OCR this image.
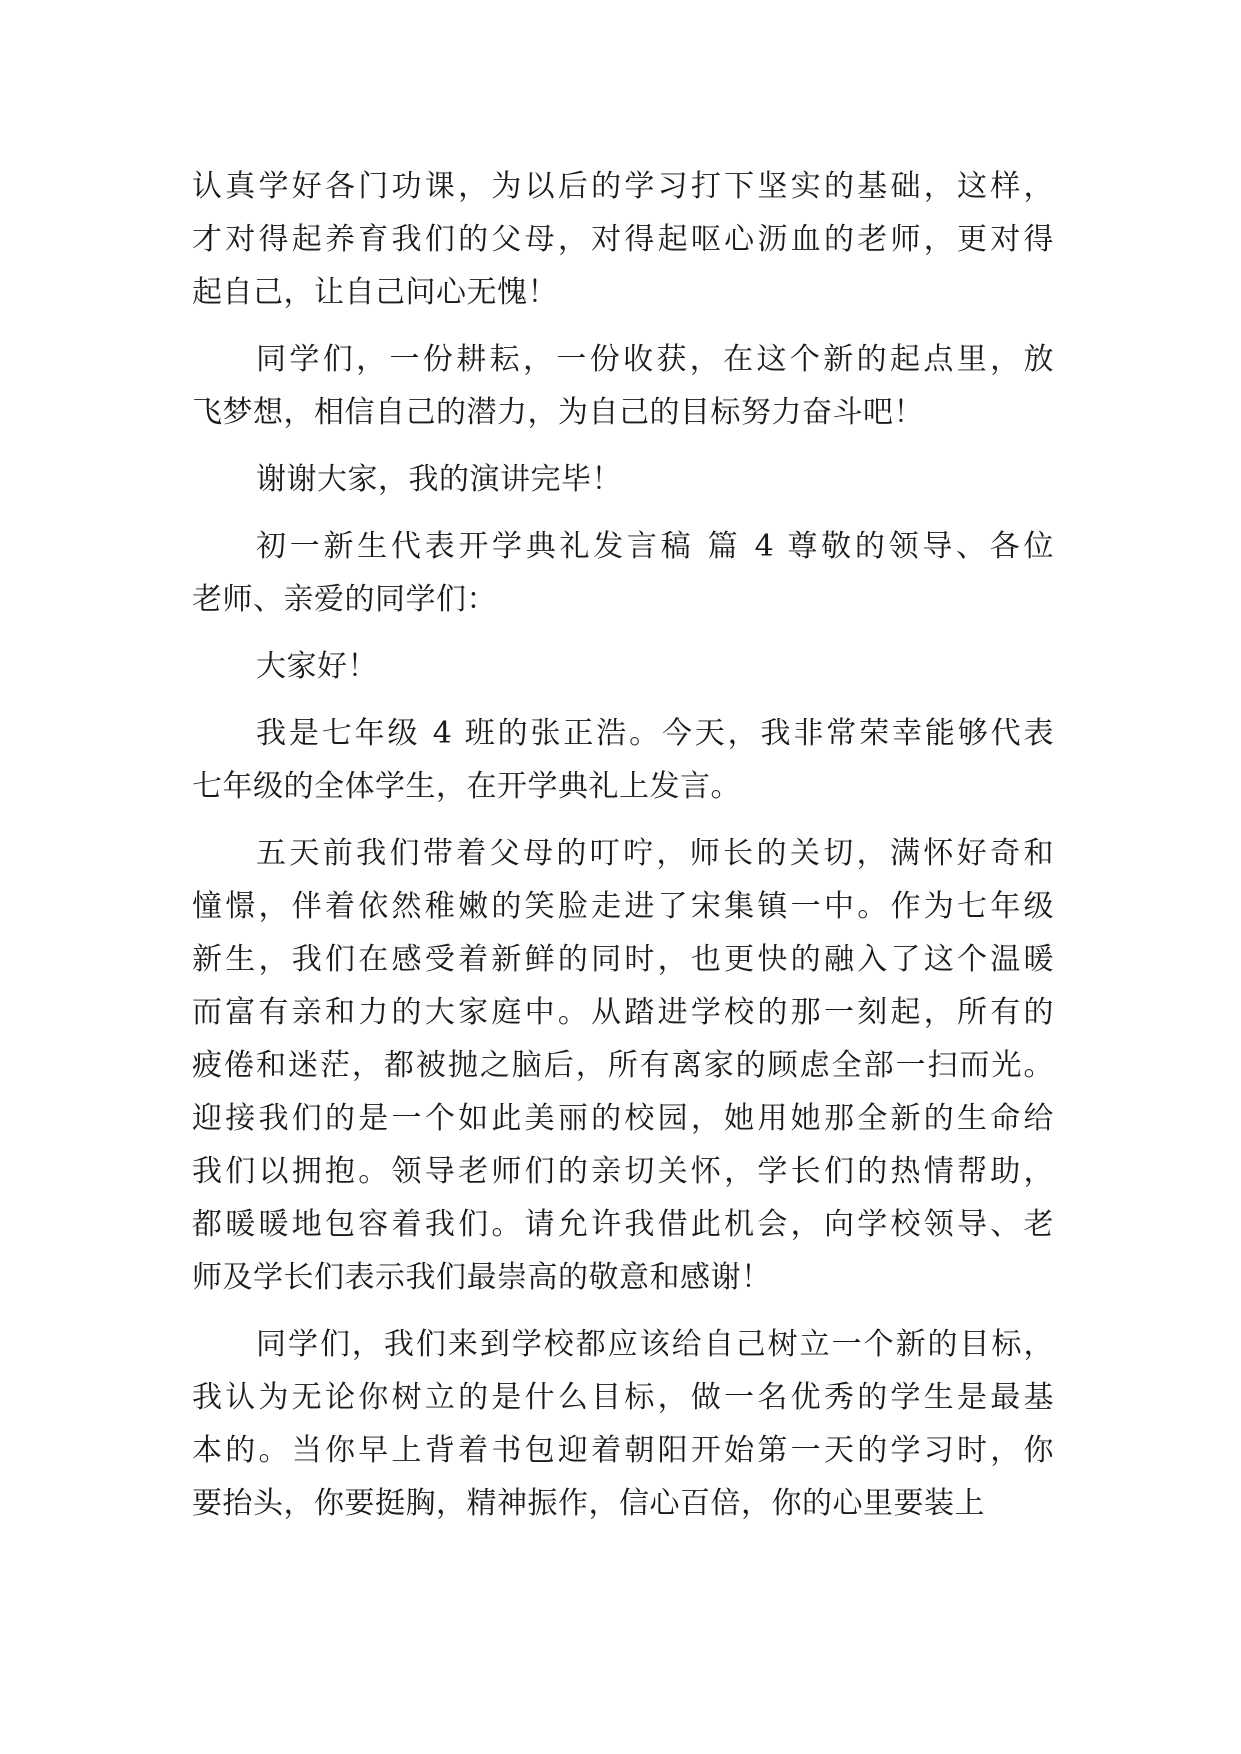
认真学好各门功课，为以后的学习打下坚实的基础，这样，
才对得起养育我们的父母，对得起呕心沥血的老师，更对得
起自己，让自己问心无愧！
同学们，一份耕耘，一份收获，在这个新的起点里，放
飞梦想，相信自己的潜力，为自己的目标努力奋斗吧！
谢谢大家，我的演讲完毕！
初一新生代表开学典礼发言稿 篇 4 尊敬的领导、各位
老师、亲爱的同学们：
大家好！
我是七年级 4 班的张正浩。今天，我非常荣幸能够代表
七年级的全体学生，在开学典礼上发言。
五天前我们带着父母的叮咛，师长的关切，满怀好奇和
憧憬，伴着依然稚嫩的笑脸走进了宋集镇一中。作为七年级
新生，我们在感受着新鲜的同时，也更快的融入了这个温暖
而富有亲和力的大家庭中。从踏进学校的那一刻起，所有的
疲倦和迷茫，都被抛之脑后，所有离家的顾虑全部一扫而光。
迎接我们的是一个如此美丽的校园，她用她那全新的生命给
我们以拥抱。领导老师们的亲切关怀，学长们的热情帮助，
都暖暖地包容着我们。请允许我借此机会，向学校领导、老
师及学长们表示我们最崇高的敬意和感谢！
同学们，我们来到学校都应该给自己树立一个新的目标，
我认为无论你树立的是什么目标，做一名优秀的学生是最基
本的。当你早上背着书包迎着朝阳开始第一天的学习时，你
要抬头，你要挺胸，精神振作，信心百倍，你的心里要装上
